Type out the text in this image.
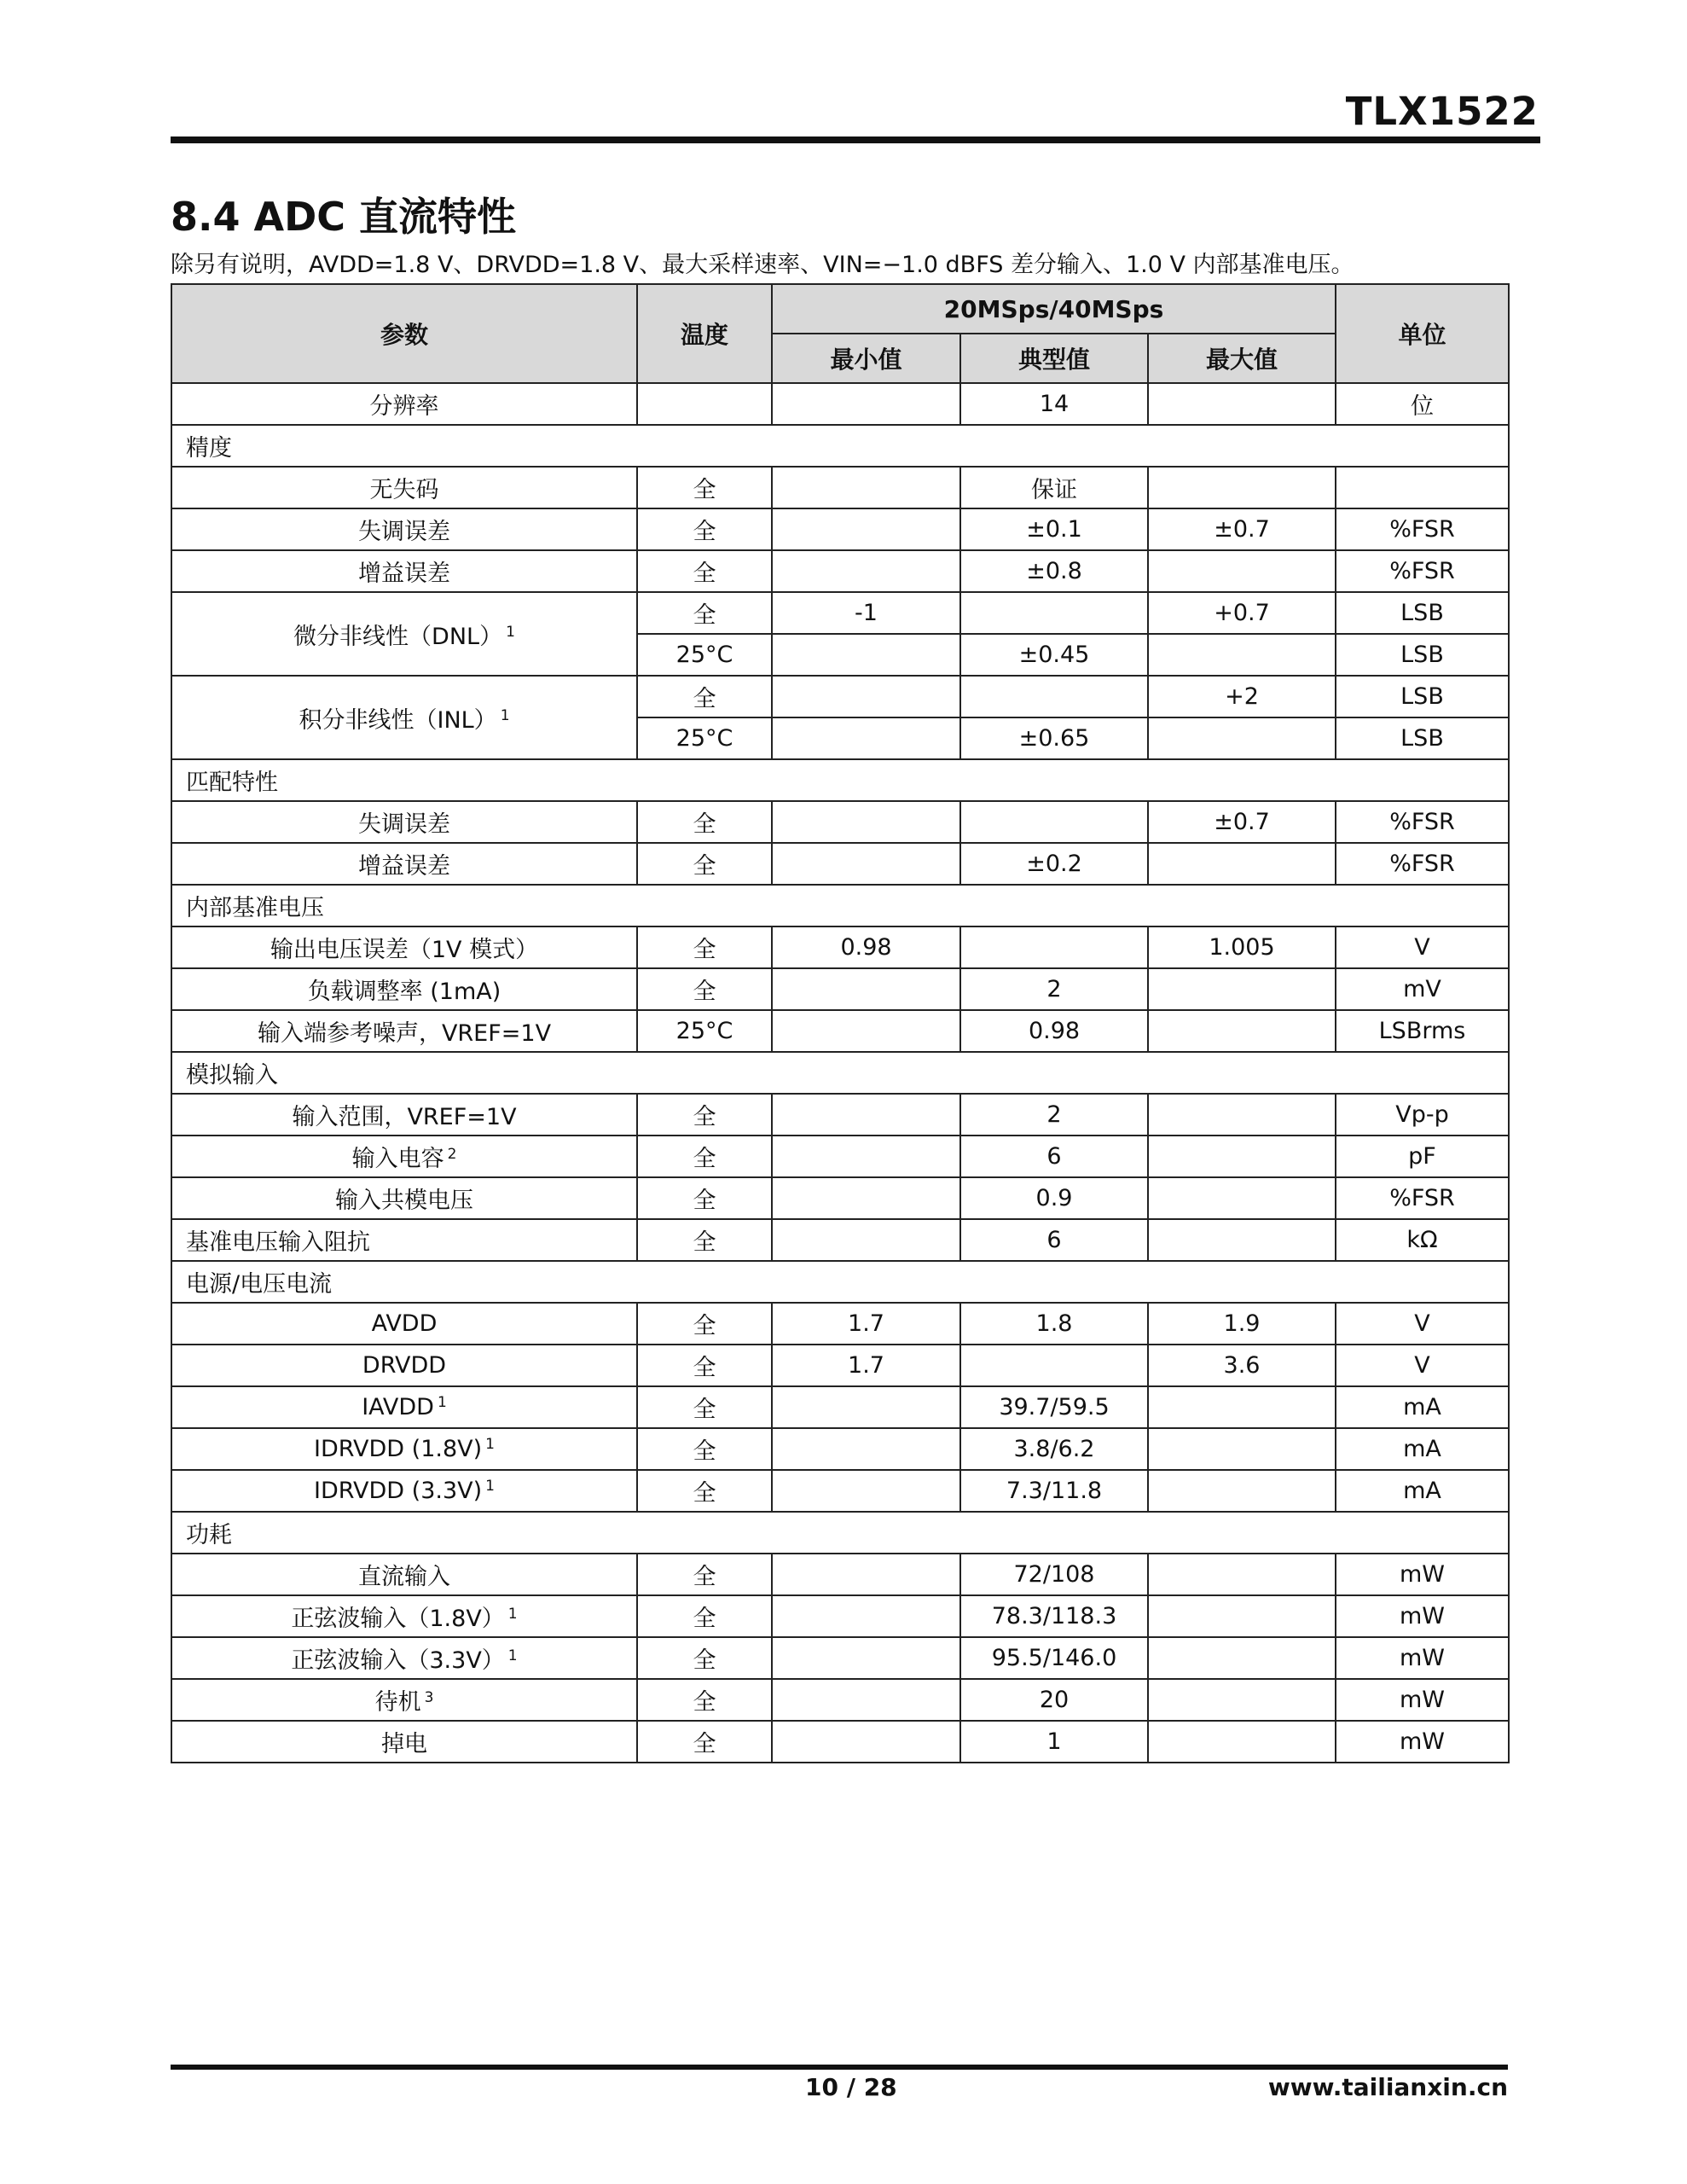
TLX1522
8.4 ADC 直流特性
除另有说明，AVDD=1.8 V、DRVDD=1.8 V、最大采样速率、VIN=−1.0 dBFS 差分输入、1.0 V 内部基准电压。
参数	温度	20MSps/40MSps			单位
		最小值	典型值	最大值	
分辨率			14		位
精度					
无失码	全		保证		
失调误差	全		±0.1	±0.7	%FSR
增益误差	全		±0.8		%FSR
微分非线性（DNL） $^1$	全	-1		+0.7	LSB
	25°C		±0.45		LSB
积分非线性（INL） $^1$	全			+2	LSB
	25°C		±0.65		LSB
匹配特性					
失调误差	全			±0.7	%FSR
增益误差	全		±0.2		%FSR
内部基准电压					
输出电压误差（1V 模式）	全	0.98		1.005	V
负载调整率 (1mA)	全		2		mV
输入端参考噪声，VREF=1V	25°C		0.98		LSBrms
模拟输入					
输入范围，VREF=1V	全		2		Vp-p
输入电容 $^2$	全		6		pF
输入共模电压	全		0.9		%FSR
基准电压输入阻抗	全		6		kΩ
电源/电压电流					
AVDD	全	1.7	1.8	1.9	V
DRVDD	全	1.7		3.6	V
IAVDD $^1$	全		39.7/59.5		mA
IDRVDD (1.8V) $^1$	全		3.8/6.2		mA
IDRVDD (3.3V) $^1$	全		7.3/11.8		mA
功耗					
直流输入	全		72/108		mW
正弦波输入（1.8V） $^1$	全		78.3/118.3		mW
正弦波输入（3.3V） $^1$	全		95.5/146.0		mW
待机 $^3$	全		20		mW
掉电	全		1		mW
10 / 28	www.tailianxin.cn
